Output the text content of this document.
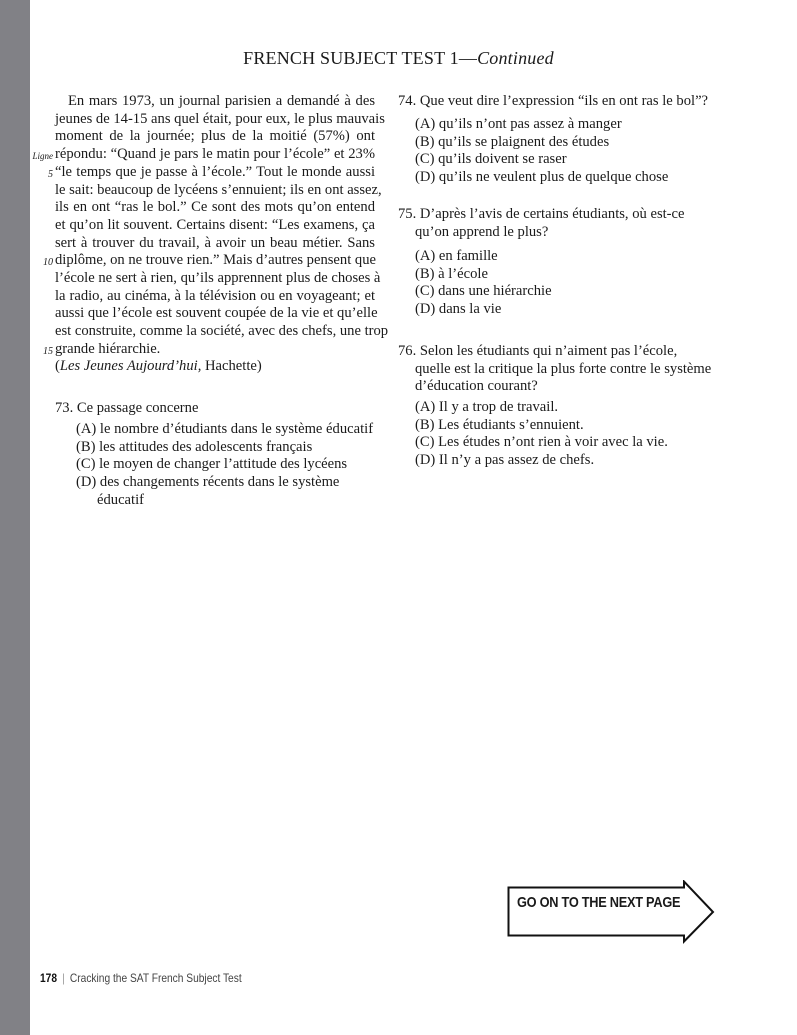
FRENCH SUBJECT TEST 1—Continued
En mars 1973, un journal parisien a demandé à des
jeunes de 14-15 ans quel était, pour eux, le plus mauvais
moment de la journée; plus de la moitié (57%) ont
répondu: “Quand je pars le matin pour l’école” et 23%
“le temps que je passe à l’école.” Tout le monde aussi
le sait: beaucoup de lycéens s’ennuient; ils en ont assez,
ils en ont “ras le bol.” Ce sont des mots qu’on entend
et qu’on lit souvent. Certains disent: “Les examens, ça
sert à trouver du travail, à avoir un beau métier. Sans
diplôme, on ne trouve rien.” Mais d’autres pensent que
l’école ne sert à rien, qu’ils apprennent plus de choses à
la radio, au cinéma, à la télévision ou en voyageant; et
aussi que l’école est souvent coupée de la vie et qu’elle
est construite, comme la société, avec des chefs, une trop
grande hiérarchie.
Ligne
5
10
15
(Les Jeunes Aujourd’hui, Hachette)
73. Ce passage concerne
(A) le nombre d’étudiants dans le système éducatif
(B) les attitudes des adolescents français
(C) le moyen de changer l’attitude des lycéens
(D) des changements récents dans le système
éducatif
74. Que veut dire l’expression “ils en ont ras le bol”?
(A) qu’ils n’ont pas assez à manger
(B) qu’ils se plaignent des études
(C) qu’ils doivent se raser
(D) qu’ils ne veulent plus de quelque chose
75. D’après l’avis de certains étudiants, où est-ce
qu’on apprend le plus?
(A) en famille
(B) à l’école
(C) dans une hiérarchie
(D) dans la vie
76. Selon les étudiants qui n’aiment pas l’école,
quelle est la critique la plus forte contre le système
d’éducation courant?
(A) Il y a trop de travail.
(B) Les étudiants s’ennuient.
(C) Les études n’ont rien à voir avec la vie.
(D) Il n’y a pas assez de chefs.
GO ON TO THE NEXT PAGE
178 | Cracking the SAT French Subject Test
